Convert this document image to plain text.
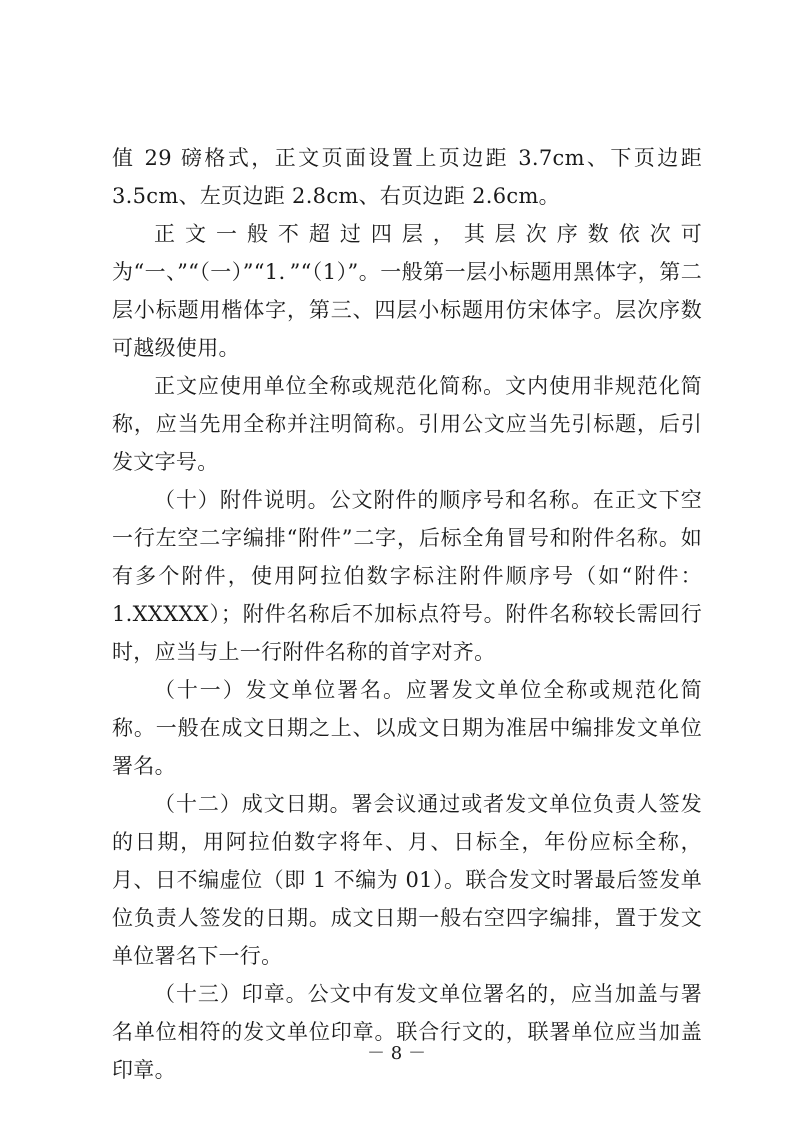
值 29 磅格式，正文页面设置上页边距 3.7cm、下页边距 3.5cm、左页边距 2.8cm、右页边距 2.6cm。

正文一般不超过四层，其层次序数依次可为“一、”“（一）”“1．”“（1）”。一般第一层小标题用黑体字，第二层小标题用楷体字，第三、四层小标题用仿宋体字。层次序数可越级使用。

正文应使用单位全称或规范化简称。文内使用非规范化简称，应当先用全称并注明简称。引用公文应当先引标题，后引发文字号。

（十）附件说明。公文附件的顺序号和名称。在正文下空一行左空二字编排“附件”二字，后标全角冒号和附件名称。如有多个附件，使用阿拉伯数字标注附件顺序号（如“附件：1.XXXXX）；附件名称后不加标点符号。附件名称较长需回行时，应当与上一行附件名称的首字对齐。

（十一）发文单位署名。应署发文单位全称或规范化简称。一般在成文日期之上、以成文日期为准居中编排发文单位署名。

（十二）成文日期。署会议通过或者发文单位负责人签发的日期，用阿拉伯数字将年、月、日标全，年份应标全称，月、日不编虚位（即 1 不编为 01）。联合发文时署最后签发单位负责人签发的日期。成文日期一般右空四字编排，置于发文单位署名下一行。

（十三）印章。公文中有发文单位署名的，应当加盖与署名单位相符的发文单位印章。联合行文的，联署单位应当加盖印章。

－ 8 －
